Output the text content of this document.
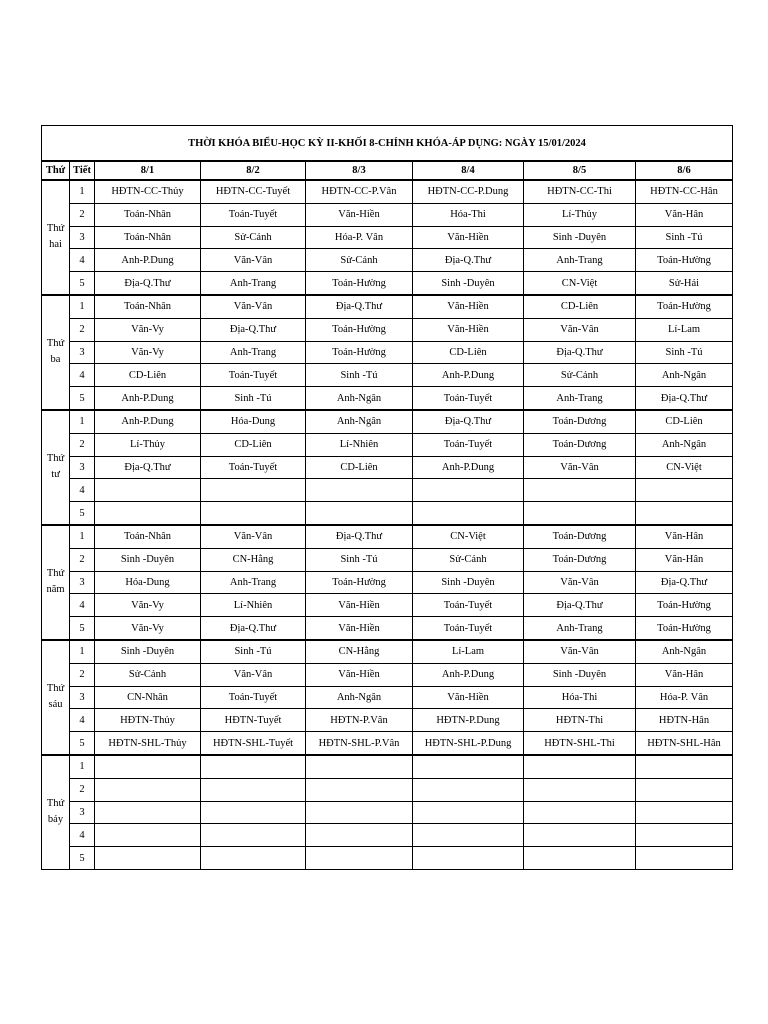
THỜI KHÓA BIỂU-HỌC KỲ II-KHỐI 8-CHÍNH KHÓA-ÁP DỤNG: NGÀY 15/01/2024							
Thứ	Tiết	8/1	8/2	8/3	8/4	8/5	8/6
Thứ hai	1	HĐTN-CC-Thủy	HĐTN-CC-Tuyết	HĐTN-CC-P.Vân	HĐTN-CC-P.Dung	HĐTN-CC-Thi	HĐTN-CC-Hân
	2	Toán-Nhân	Toán-Tuyết	Văn-Hiền	Hóa-Thi	Lí-Thủy	Văn-Hân
	3	Toán-Nhân	Sử-Cảnh	Hóa-P. Vân	Văn-Hiền	Sinh -Duyên	Sinh -Tú
	4	Anh-P.Dung	Văn-Vân	Sử-Cảnh	Địa-Q.Thư	Anh-Trang	Toán-Hường
	5	Địa-Q.Thư	Anh-Trang	Toán-Hường	Sinh -Duyên	CN-Việt	Sử-Hải
Thứ ba	1	Toán-Nhân	Văn-Vân	Địa-Q.Thư	Văn-Hiền	CD-Liên	Toán-Hường
	2	Văn-Vy	Địa-Q.Thư	Toán-Hường	Văn-Hiền	Văn-Vân	Lí-Lam
	3	Văn-Vy	Anh-Trang	Toán-Hường	CD-Liên	Địa-Q.Thư	Sinh -Tú
	4	CD-Liên	Toán-Tuyết	Sinh -Tú	Anh-P.Dung	Sử-Cảnh	Anh-Ngân
	5	Anh-P.Dung	Sinh -Tú	Anh-Ngân	Toán-Tuyết	Anh-Trang	Địa-Q.Thư
Thứ tư	1	Anh-P.Dung	Hóa-Dung	Anh-Ngân	Địa-Q.Thư	Toán-Dương	CD-Liên
	2	Lí-Thủy	CD-Liên	Lí-Nhiên	Toán-Tuyết	Toán-Dương	Anh-Ngân
	3	Địa-Q.Thư	Toán-Tuyết	CD-Liên	Anh-P.Dung	Văn-Vân	CN-Việt
	4						
	5						
Thứ năm	1	Toán-Nhân	Văn-Vân	Địa-Q.Thư	CN-Việt	Toán-Dương	Văn-Hân
	2	Sinh -Duyên	CN-Hằng	Sinh -Tú	Sử-Cảnh	Toán-Dương	Văn-Hân
	3	Hóa-Dung	Anh-Trang	Toán-Hường	Sinh -Duyên	Văn-Vân	Địa-Q.Thư
	4	Văn-Vy	Lí-Nhiên	Văn-Hiền	Toán-Tuyết	Địa-Q.Thư	Toán-Hường
	5	Văn-Vy	Địa-Q.Thư	Văn-Hiền	Toán-Tuyết	Anh-Trang	Toán-Hường
Thứ sáu	1	Sinh -Duyên	Sinh -Tú	CN-Hằng	Lí-Lam	Văn-Vân	Anh-Ngân
	2	Sử-Cảnh	Văn-Vân	Văn-Hiền	Anh-P.Dung	Sinh -Duyên	Văn-Hân
	3	CN-Nhân	Toán-Tuyết	Anh-Ngân	Văn-Hiền	Hóa-Thi	Hóa-P. Vân
	4	HĐTN-Thủy	HĐTN-Tuyết	HĐTN-P.Vân	HĐTN-P.Dung	HĐTN-Thi	HĐTN-Hân
	5	HĐTN-SHL-Thủy	HĐTN-SHL-Tuyết	HĐTN-SHL-P.Vân	HĐTN-SHL-P.Dung	HĐTN-SHL-Thi	HĐTN-SHL-Hân
Thứ bảy	1						
	2						
	3						
	4						
	5						
